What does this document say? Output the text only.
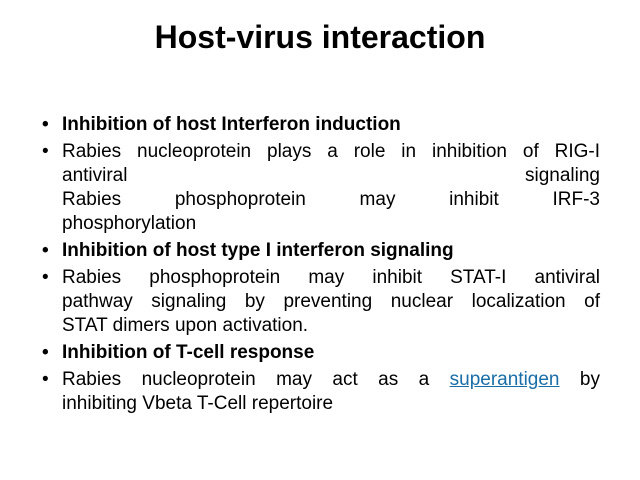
Host-virus interaction
• Inhibition of host Interferon induction
• Rabies nucleoprotein plays a role in inhibition of RIG-I
antiviral signaling
Rabies phosphoprotein may inhibit IRF-3
phosphorylation
• Inhibition of host type I interferon signaling
• Rabies phosphoprotein may inhibit STAT-I antiviral
pathway signaling by preventing nuclear localization of
STAT dimers upon activation.
• Inhibition of T-cell response
• Rabies nucleoprotein may act as a superantigen by
inhibiting Vbeta T-Cell repertoire
